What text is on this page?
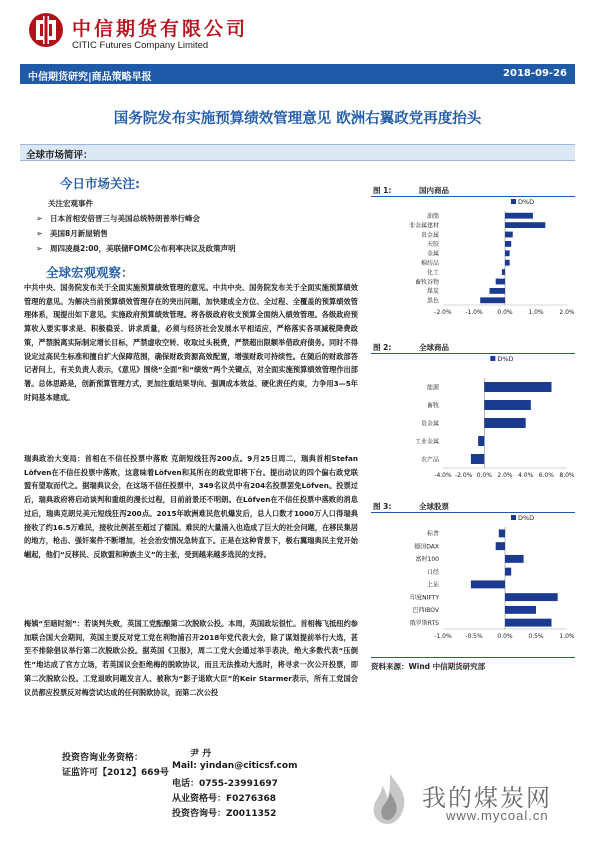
中信期货有限公司
CITIC Futures Company Limited
中信期货研究|商品策略早报	2018-09-26
国务院发布实施预算绩效管理意见 欧洲右翼政党再度抬头
全球市场简评：
今日市场关注:
关注宏观事件
➢ 日本首相安倍晋三与美国总统特朗普举行峰会
➢ 美国8月新屋销售
➢ 周四凌晨2:00，美联储FOMC公布利率决议及政策声明
全球宏观观察：
中共中央、国务院发布关于全面实施预算绩效管理的意见。中共中央、国务院发布关于全面实施预算绩效管理的意见。为解决当前预算绩效管理存在的突出问题，加快建成全方位、全过程、全覆盖的预算绩效管理体系，现提出如下意见。实施政府预算绩效管理。将各级政府收支预算全面纳入绩效管理。各级政府预算收入要实事求是、积极稳妥、讲求质量，必须与经济社会发展水平相适应，严格落实各项减税降费政策，严禁脱离实际制定增长目标，严禁虚收空转、收取过头税费，严禁超出限额举借政府债务。同时不得设定过高民生标准和擅自扩大保障范围，确保财政资源高效配置，增强财政可持续性。在随后的财政部答记者问上，有关负责人表示，《意见》围绕“全面”和“绩效”两个关键点，对全面实施预算绩效管理作出部署。总体思路是，创新预算管理方式，更加注重结果导向、强调成本效益、硬化责任约束，力争用3—5年时间基本建成。
瑞典政治大变局：首相在不信任投票中落败 克朗短线狂泻200点。9月25日周二，瑞典首相Stefan Löfven在不信任投票中落败，这意味着Löfven和其所在的政党即将下台。提出动议的四个偏右政党联盟有望取而代之。据瑞典议会，在这场不信任投票中，349名议员中有204名投票罢免Löfven。投票过后，瑞典政府将启动谈判和重组的漫长过程，目前前景还不明朗。在Löfven在不信任投票中落败的消息过后，瑞典克朗兑美元短线狂泻200点。2015年欧洲难民危机爆发后，总人口数才1000万人口得瑞典接收了约16.5万难民，接收比例甚至超过了德国。难民的大量涌入也造成了巨大的社会问题，在移民集居的地方，枪击、强奸案件不断增加，社会治安情况急转直下。正是在这种背景下，极右翼瑞典民主党开始崛起，他们“反移民、反欧盟和种族主义”的主张，受到越来越多选民的支持。
梅姨“至暗时刻”：若谈判失败，英国工党酝酿第二次脱欧公投。本周，英国政坛很忙。首相梅飞抵纽约参加联合国大会期间，英国主要反对党工党在利物浦召开2018年党代表大会，除了谋划提前举行大选，甚至不排除倡议举行第二次脱欧公投。据英国《卫报》，周二工党大会通过举手表决，绝大多数代表“压倒性”地达成了官方立场，若英国议会拒绝梅的脱欧协议，而且无法推动大选时，将寻求一次公开投票，即第二次脱欧公投。工党退欧问题发言人、被称为“影子退欧大臣”的Keir Starmer表示，所有工党国会议员都应投票反对梅尝试达成的任何脱欧协议，而第二次公投
图 1:	国内商品
D%D
油脂
非金属建材
贵金属
天胶
金属
棉纺品
化工
畜牧谷物
煤炭
黑色
-2.0% -1.0% 0.0%	1.0%	2.0%
图 2:	全球商品
D%D
能源
畜牧
贵金属
工业金属
农产品
-4.0% -2.0% 0.0% 2.0% 4.0% 6.0% 8.0%
图 3:	全球股票
D%D
标普
德国DAX
富时100
日经
上证
印度NIFTY
巴西IBOV
俄罗斯RTS
-1.0% -0.5% 0.0%	0.5%	1.0%
资料来源：Wind 中信期货研究部
投资咨询业务资格：
证监许可【2012】669号
尹 丹
Mail: yindan@citicsf.com
电话：0755-23991697
从业资格号：F0276368
投资咨询号：Z0011352
我的煤炭网
www.mycoal.cn
